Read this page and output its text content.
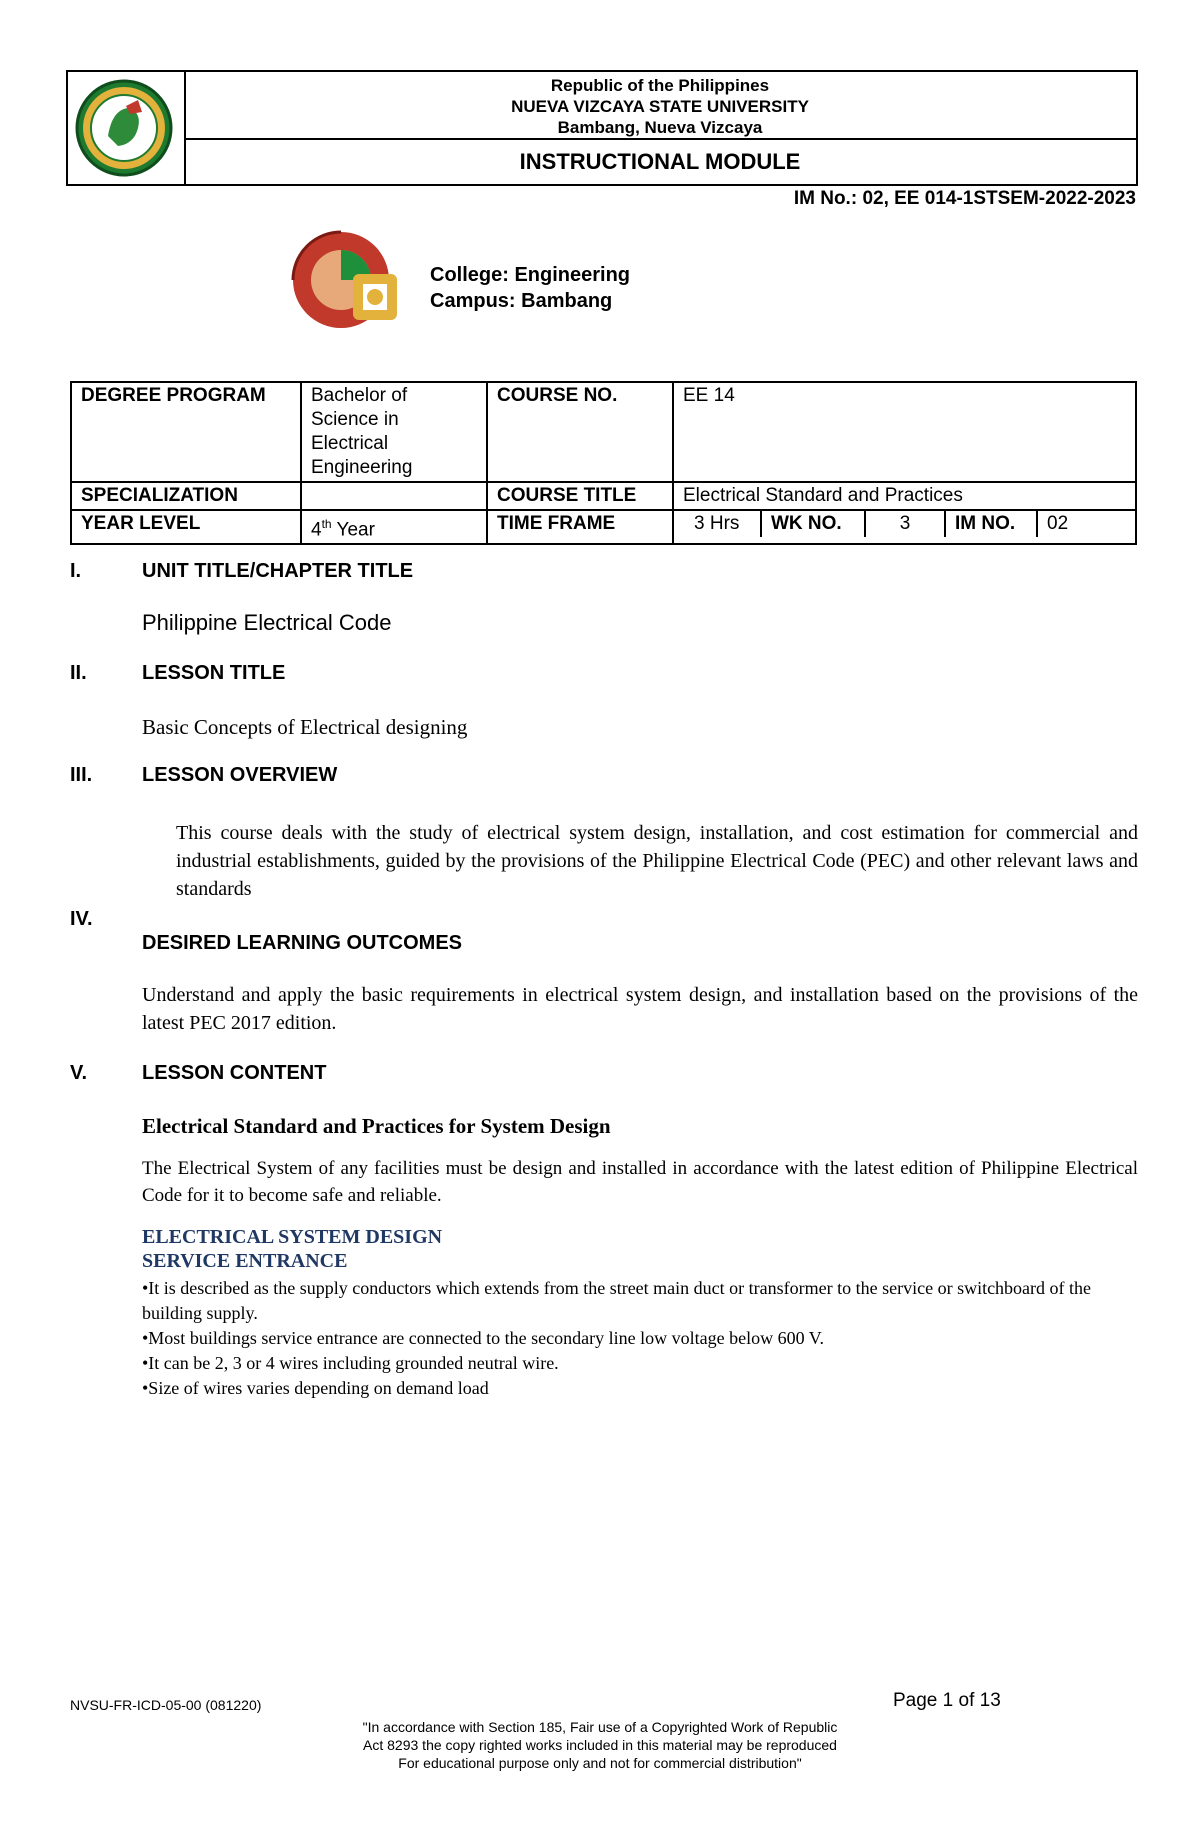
Republic of the Philippines
NUEVA VIZCAYA STATE UNIVERSITY
Bambang, Nueva Vizcaya
INSTRUCTIONAL MODULE
IM No.: 02, EE 014-1STSEM-2022-2023
College: Engineering
Campus: Bambang
DEGREE PROGRAM	Bachelor of Science in Electrical Engineering	COURSE NO.	EE 14
SPECIALIZATION		COURSE TITLE	Electrical Standard and Practices
YEAR LEVEL	4th Year	TIME FRAME	3 Hrs WK NO. 3 IM NO. 02
I.	UNIT TITLE/CHAPTER TITLE
Philippine Electrical Code
II.	LESSON TITLE
Basic Concepts of Electrical designing
III. LESSON OVERVIEW
This course deals with the study of electrical system design, installation, and cost estimation for commercial and industrial establishments, guided by the provisions of the Philippine Electrical Code (PEC) and other relevant laws and standards
IV.
DESIRED LEARNING OUTCOMES
Understand and apply the basic requirements in electrical system design, and installation based on the provisions of the latest PEC 2017 edition.
V.	LESSON CONTENT
Electrical Standard and Practices for System Design
The Electrical System of any facilities must be design and installed in accordance with the latest edition of Philippine Electrical Code for it to become safe and reliable.
ELECTRICAL SYSTEM DESIGN
SERVICE ENTRANCE
•It is described as the supply conductors which extends from the street main duct or transformer to the service or switchboard of the building supply.
•Most buildings service entrance are connected to the secondary line low voltage below 600 V.
•It can be 2, 3 or 4 wires including grounded neutral wire.
•Size of wires varies depending on demand load
NVSU-FR-ICD-05-00 (081220)	Page 1 of 13
"In accordance with Section 185, Fair use of a Copyrighted Work of Republic
Act 8293 the copy righted works included in this material may be reproduced
For educational purpose only and not for commercial distribution"
